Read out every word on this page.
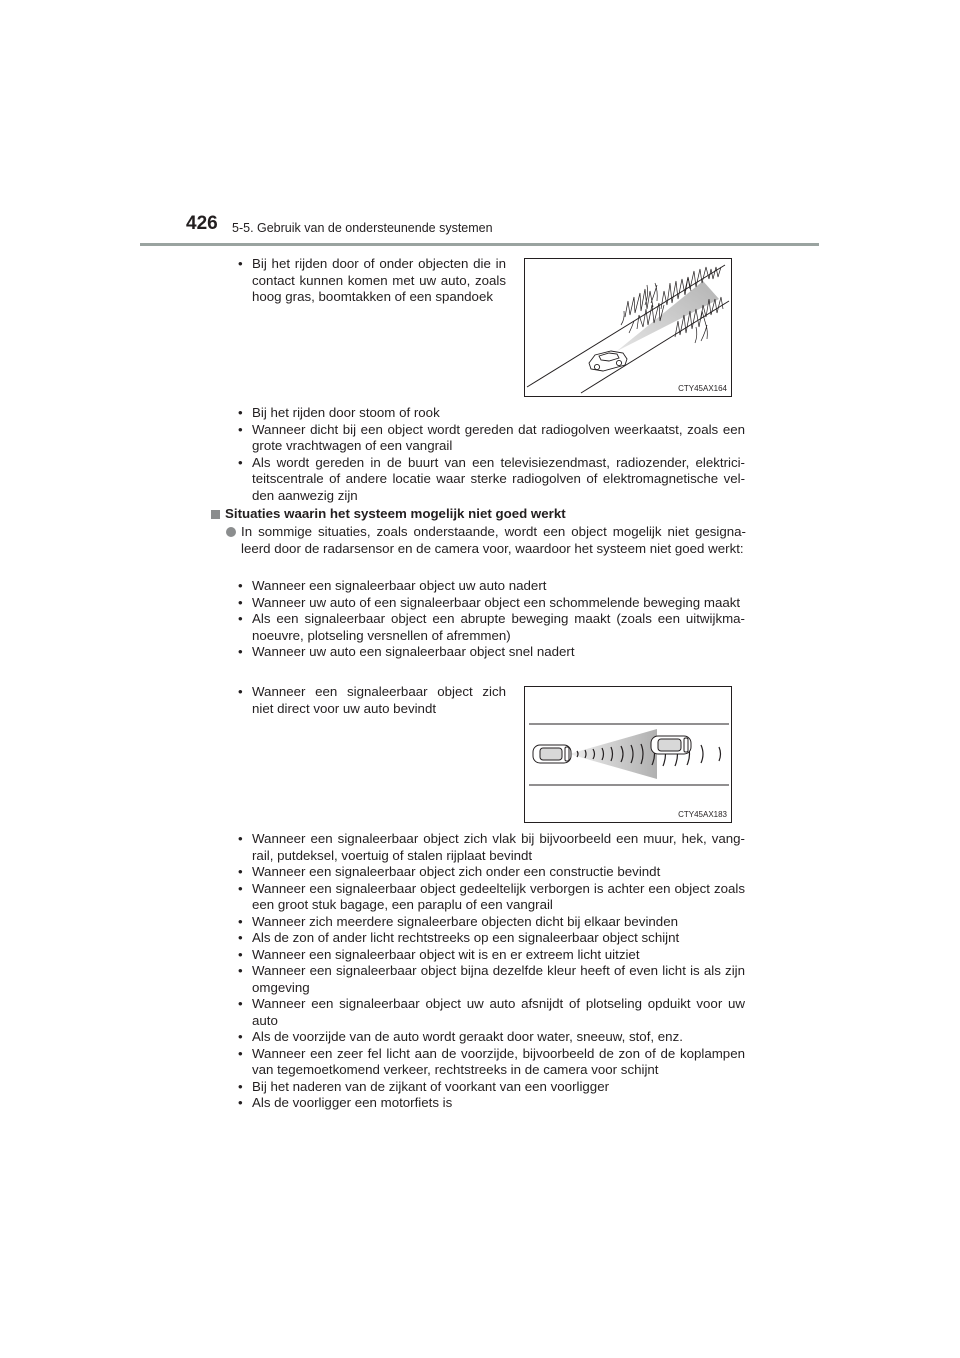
426 5-5. Gebruik van de ondersteunende systemen
• Bij het rijden door of onder objecten die in contact kunnen komen met uw auto, zoals hoog gras, boomtakken of een spandoek
CTY45AX164
• Bij het rijden door stoom of rook
• Wanneer dicht bij een object wordt gereden dat radiogolven weerkaatst, zoals een grote vrachtwagen of een vangrail
• Als wordt gereden in de buurt van een televisiezendmast, radiozender, elektrici-teitscentrale of andere locatie waar sterke radiogolven of elektromagnetische vel-den aanwezig zijn
Situaties waarin het systeem mogelijk niet goed werkt
In sommige situaties, zoals onderstaande, wordt een object mogelijk niet gesigna-leerd door de radarsensor en de camera voor, waardoor het systeem niet goed werkt:
• Wanneer een signaleerbaar object uw auto nadert
• Wanneer uw auto of een signaleerbaar object een schommelende beweging maakt
• Als een signaleerbaar object een abrupte beweging maakt (zoals een uitwijkma-noeuvre, plotseling versnellen of afremmen)
• Wanneer uw auto een signaleerbaar object snel nadert
• Wanneer een signaleerbaar object zich niet direct voor uw auto bevindt
CTY45AX183
• Wanneer een signaleerbaar object zich vlak bij bijvoorbeeld een muur, hek, vang-rail, putdeksel, voertuig of stalen rijplaat bevindt
• Wanneer een signaleerbaar object zich onder een constructie bevindt
• Wanneer een signaleerbaar object gedeeltelijk verborgen is achter een object zoals een groot stuk bagage, een paraplu of een vangrail
• Wanneer zich meerdere signaleerbare objecten dicht bij elkaar bevinden
• Als de zon of ander licht rechtstreeks op een signaleerbaar object schijnt
• Wanneer een signaleerbaar object wit is en er extreem licht uitziet
• Wanneer een signaleerbaar object bijna dezelfde kleur heeft of even licht is als zijn omgeving
• Wanneer een signaleerbaar object uw auto afsnijdt of plotseling opduikt voor uw auto
• Als de voorzijde van de auto wordt geraakt door water, sneeuw, stof, enz.
• Wanneer een zeer fel licht aan de voorzijde, bijvoorbeeld de zon of de koplampen van tegemoetkomend verkeer, rechtstreeks in de camera voor schijnt
• Bij het naderen van de zijkant of voorkant van een voorligger
• Als de voorligger een motorfiets is
